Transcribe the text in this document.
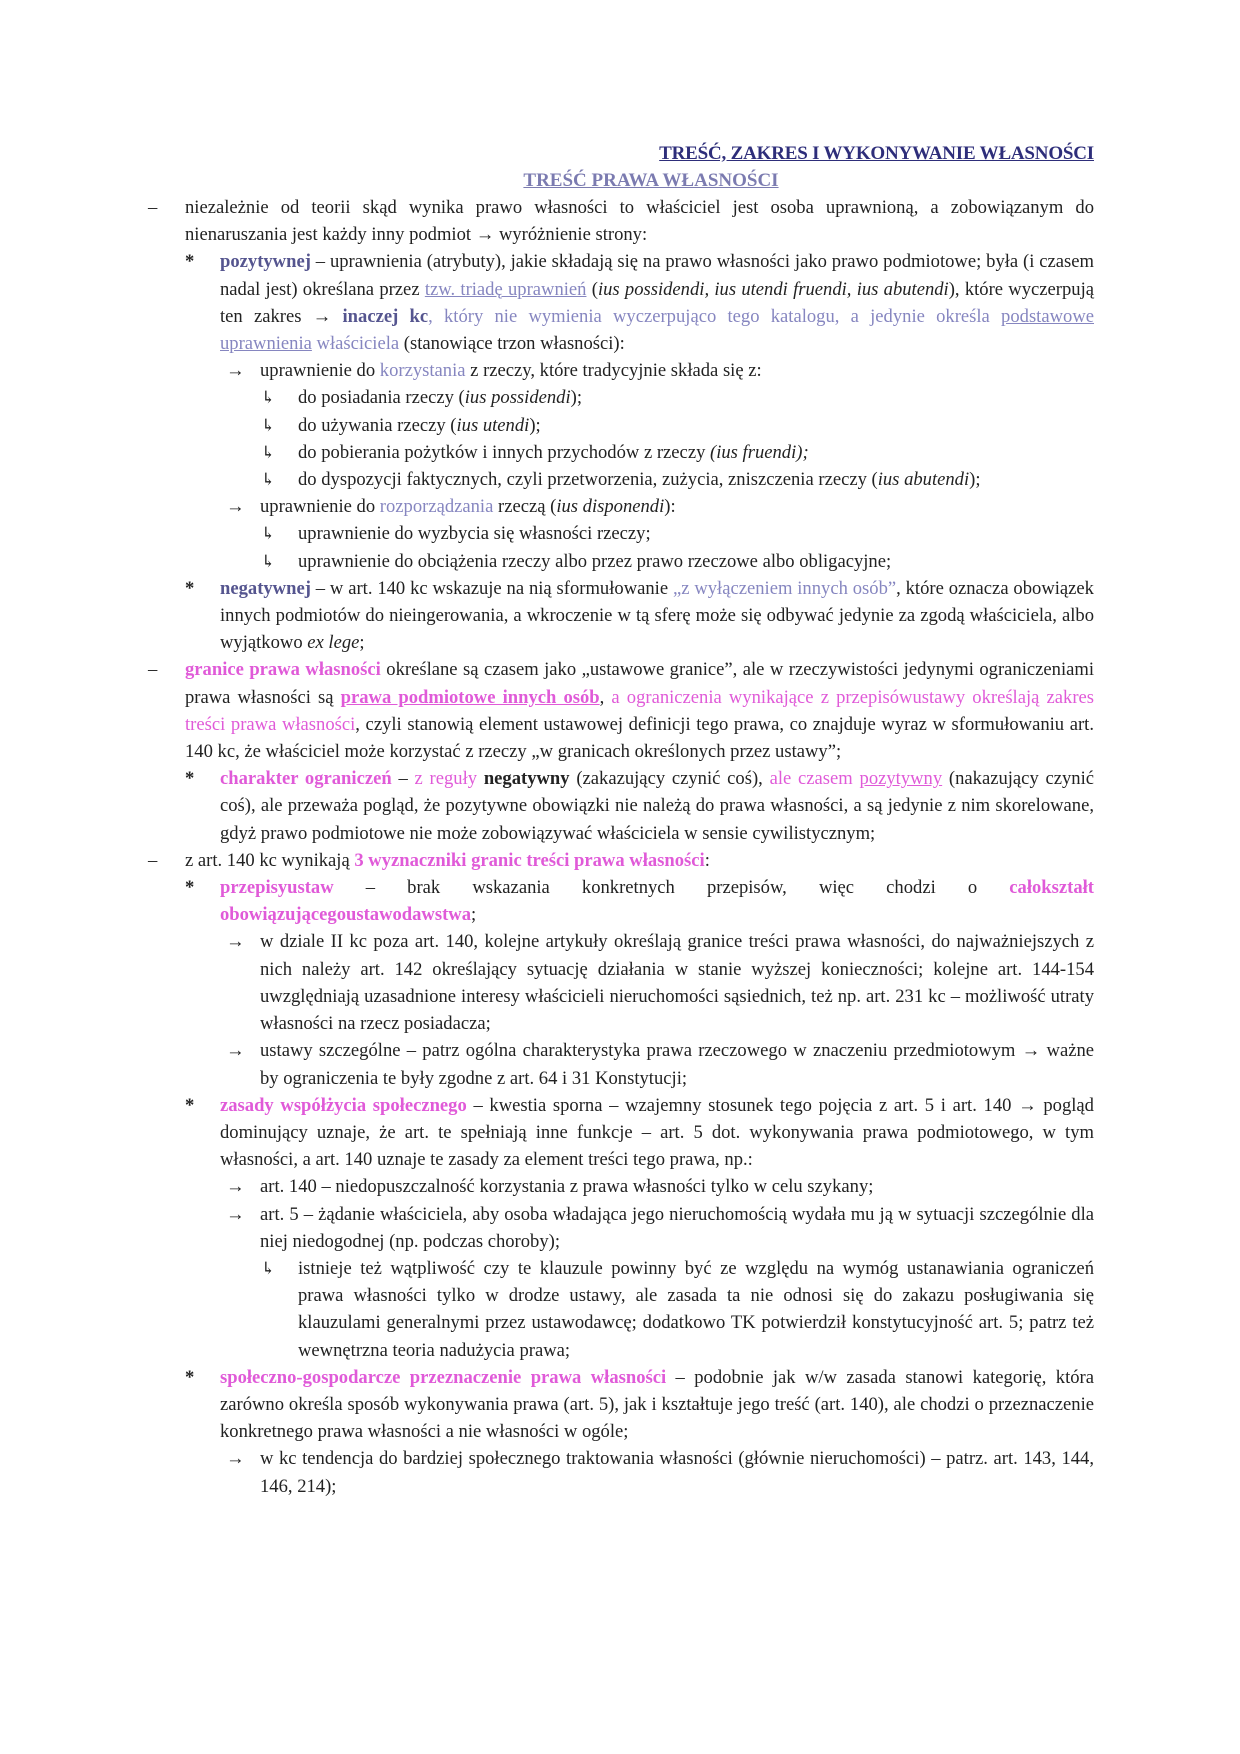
TREŚĆ, ZAKRES I WYKONYWANIE WŁASNOŚCI
TREŚĆ PRAWA WŁASNOŚCI
– niezależnie od teorii skąd wynika prawo własności to właściciel jest osoba uprawnioną, a zobowiązanym do nienaruszania jest każdy inny podmiot → wyróżnienie strony:
* pozytywnej – uprawnienia (atrybuty), jakie składają się na prawo własności jako prawo podmiotowe; była (i czasem nadal jest) określana przez tzw. triadę uprawnień (ius possidendi, ius utendi fruendi, ius abutendi), które wyczerpują ten zakres → inaczej kc, który nie wymienia wyczerpująco tego katalogu, a jedynie określa podstawowe uprawnienia właściciela (stanowiące trzon własności):
→ uprawnienie do korzystania z rzeczy, które tradycyjnie składa się z:
↳ do posiadania rzeczy (ius possidendi);
↳ do używania rzeczy (ius utendi);
↳ do pobierania pożytków i innych przychodów z rzeczy (ius fruendi);
↳ do dyspozycji faktycznych, czyli przetworzenia, zużycia, zniszczenia rzeczy (ius abutendi);
→ uprawnienie do rozporządzania rzeczą (ius disponendi):
↳ uprawnienie do wyzbycia się własności rzeczy;
↳ uprawnienie do obciążenia rzeczy albo przez prawo rzeczowe albo obligacyjne;
* negatywnej – w art. 140 kc wskazuje na nią sformułowanie „z wyłączeniem innych osób”, które oznacza obowiązek innych podmiotów do nieingerowania, a wkroczenie w tą sferę może się odbywać jedynie za zgodą właściciela, albo wyjątkowo ex lege;
– granice prawa własności określane są czasem jako „ustawowe granice”, ale w rzeczywistości jedynymi ograniczeniami prawa własności są prawa podmiotowe innych osób, a ograniczenia wynikające z przepisówustawy określają zakres treści prawa własności, czyli stanowią element ustawowej definicji tego prawa, co znajduje wyraz w sformułowaniu art. 140 kc, że właściciel może korzystać z rzeczy „w granicach określonych przez ustawy”;
* charakter ograniczeń – z reguły negatywny (zakazujący czynić coś), ale czasem pozytywny (nakazujący czynić coś), ale przeważa pogląd, że pozytywne obowiązki nie należą do prawa własności, a są jedynie z nim skorelowane, gdyż prawo podmiotowe nie może zobowiązywać właściciela w sensie cywilistycznym;
– z art. 140 kc wynikają 3 wyznaczniki granic treści prawa własności:
* przepisyustaw – brak wskazania konkretnych przepisów, więc chodzi o całokształt obowiązującegoustawodawstwa;
→ w dziale II kc poza art. 140, kolejne artykuły określają granice treści prawa własności, do najważniejszych z nich należy art. 142 określający sytuację działania w stanie wyższej konieczności; kolejne art. 144-154 uwzględniają uzasadnione interesy właścicieli nieruchomości sąsiednich, też np. art. 231 kc – możliwość utraty własności na rzecz posiadacza;
→ ustawy szczególne – patrz ogólna charakterystyka prawa rzeczowego w znaczeniu przedmiotowym → ważne by ograniczenia te były zgodne z art. 64 i 31 Konstytucji;
* zasady współżycia społecznego – kwestia sporna – wzajemny stosunek tego pojęcia z art. 5 i art. 140 → pogląd dominujący uznaje, że art. te spełniają inne funkcje – art. 5 dot. wykonywania prawa podmiotowego, w tym własności, a art. 140 uznaje te zasady za element treści tego prawa, np.:
→ art. 140 – niedopuszczalność korzystania z prawa własności tylko w celu szykany;
→ art. 5 – żądanie właściciela, aby osoba władająca jego nieruchomością wydała mu ją w sytuacji szczególnie dla niej niedogodnej (np. podczas choroby);
↳ istnieje też wątpliwość czy te klauzule powinny być ze względu na wymóg ustanawiania ograniczeń prawa własności tylko w drodze ustawy, ale zasada ta nie odnosi się do zakazu posługiwania się klauzulami generalnymi przez ustawodawcę; dodatkowo TK potwierdził konstytucyjność art. 5; patrz też wewnętrzna teoria nadużycia prawa;
* społeczno-gospodarcze przeznaczenie prawa własności – podobnie jak w/w zasada stanowi kategorię, która zarówno określa sposób wykonywania prawa (art. 5), jak i kształtuje jego treść (art. 140), ale chodzi o przeznaczenie konkretnego prawa własności a nie własności w ogóle;
→ w kc tendencja do bardziej społecznego traktowania własności (głównie nieruchomości) – patrz. art. 143, 144, 146, 214);
